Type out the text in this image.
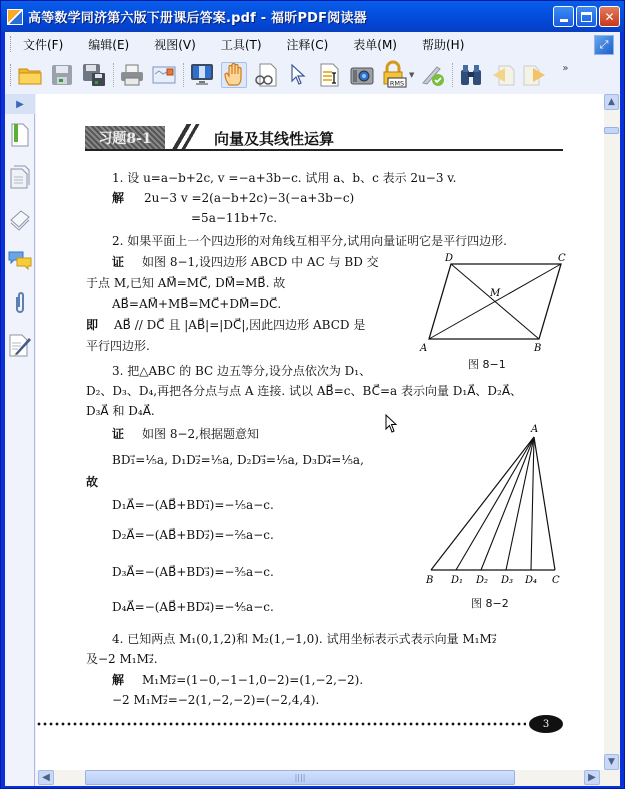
高等数学同济第六版下册课后答案.pdf - 福昕PDF阅读器	✕
文件(F) 编辑(E) 视图(V) 工具(T) 注释(C) 表单(M) 帮助(H)	⤢
RMS
▼
»
▶
习题8-1	向量及其线性运算
1. 设 u=a−b+2c, v =−a+3b−c. 试用 a、b、c 表示 2u−3 v.
解 2u−3 v =2(a−b+2c)−3(−a+3b−c)
=5a−11b+7c.
2. 如果平面上一个四边形的对角线互相平分,试用向量证明它是平行四边形.
证 如图 8−1,设四边形 ABCD 中 AC 与 BD 交
于点 M,已知 AM⃗=MC⃗, DM⃗=MB⃗. 故
AB⃗=AM⃗+MB⃗=MC⃗+DM⃗=DC⃗.
即 AB⃗ // DC⃗ 且 |AB⃗|=|DC⃗|,因此四边形 ABCD 是
平行四边形.
D	C
M
A	B
图 8−1
3. 把△ABC 的 BC 边五等分,设分点依次为 D₁、
D₂、D₃、D₄,再把各分点与点 A 连接. 试以 AB⃗=c、BC⃗=a 表示向量 D₁A⃗、D₂A⃗、
D₃A⃗ 和 D₄A⃗.
证 如图 8−2,根据题意知
BD₁⃗=⅕a, D₁D₂⃗=⅕a, D₂D₃⃗=⅕a, D₃D₄⃗=⅕a,
故
D₁A⃗=−(AB⃗+BD₁⃗)=−⅕a−c.
D₂A⃗=−(AB⃗+BD₂⃗)=−⅖a−c.
D₃A⃗=−(AB⃗+BD₃⃗)=−⅗a−c.
D₄A⃗=−(AB⃗+BD₄⃗)=−⅘a−c.
A
B D₁ D₂ D₃ D₄ C
图 8−2
4. 已知两点 M₁(0,1,2)和 M₂(1,−1,0). 试用坐标表示式表示向量 M₁M₂⃗
及−2 M₁M₂⃗.
解 M₁M₂⃗=(1−0,−1−1,0−2)=(1,−2,−2).
−2 M₁M₂⃗=−2(1,−2,−2)=(−2,4,4).
3
▲
▼
◀	||||	▶
